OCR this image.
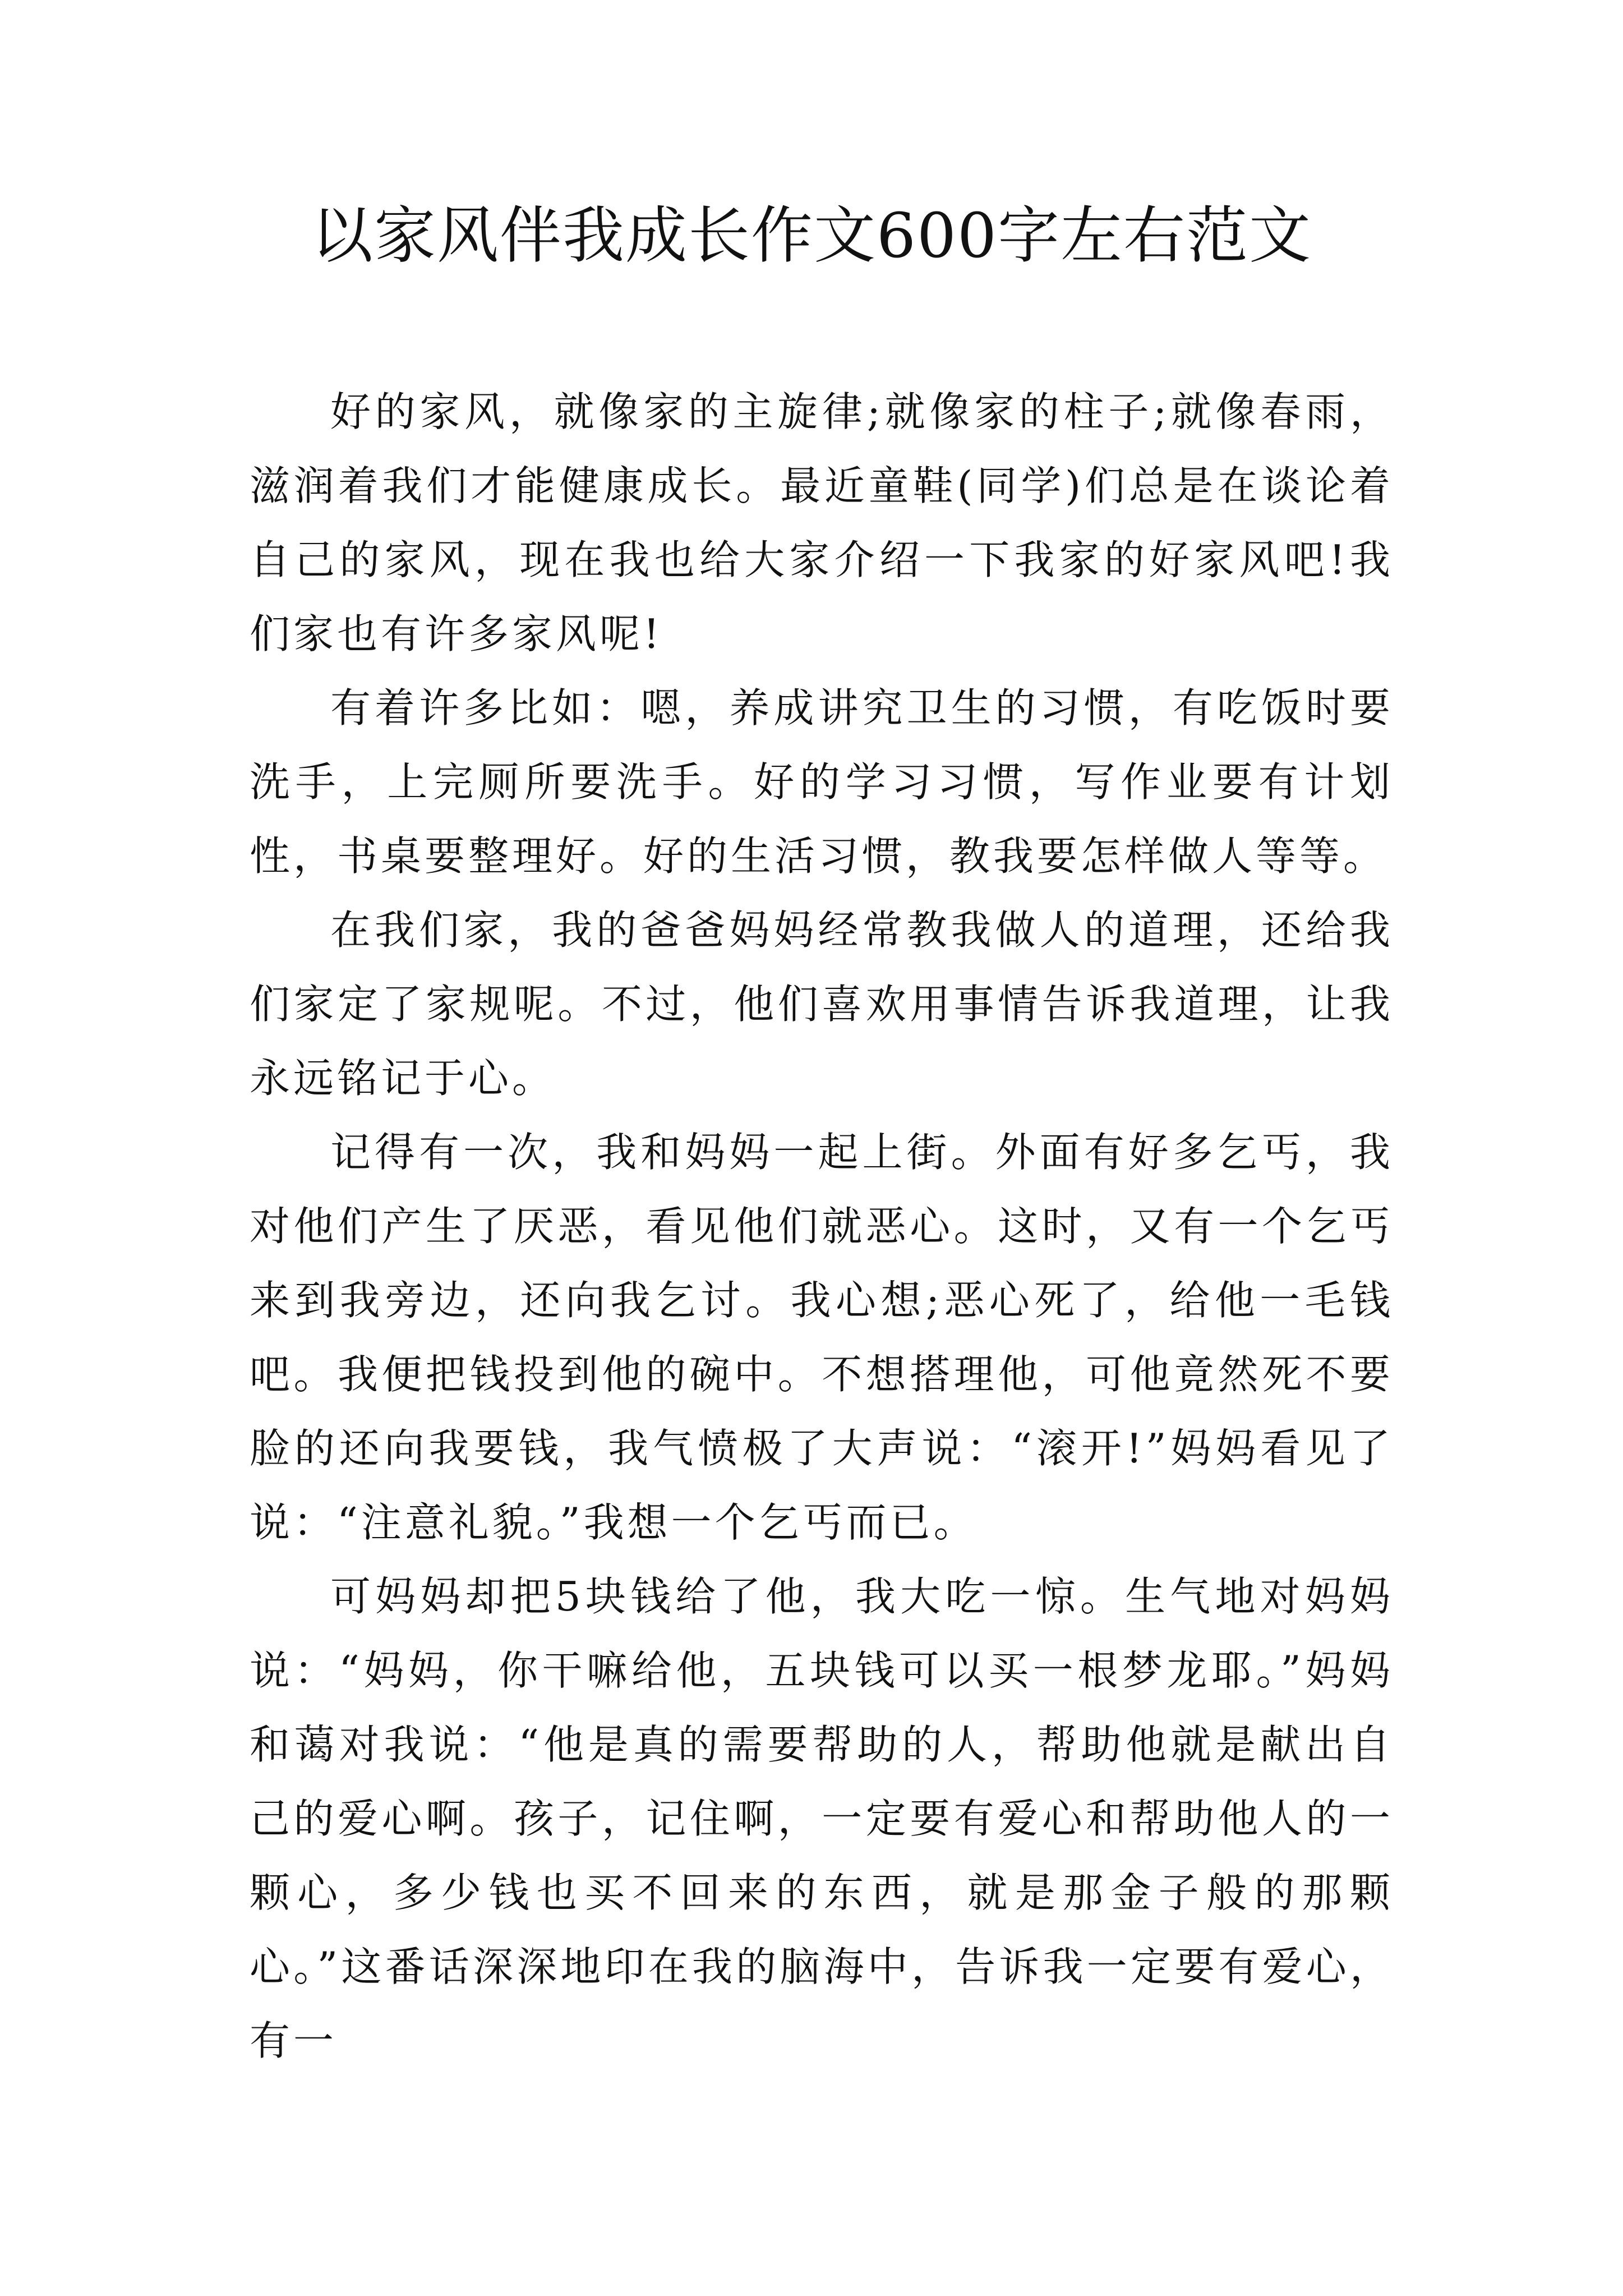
以家风伴我成长作文600字左右范文

好的家风，就像家的主旋律;就像家的柱子;就像春雨，滋润着我们才能健康成长。最近童鞋(同学)们总是在谈论着自己的家风，现在我也给大家介绍一下我家的好家风吧!我们家也有许多家风呢!

有着许多比如：嗯，养成讲究卫生的习惯，有吃饭时要洗手，上完厕所要洗手。好的学习习惯，写作业要有计划性，书桌要整理好。好的生活习惯，教我要怎样做人等等。

在我们家，我的爸爸妈妈经常教我做人的道理，还给我们家定了家规呢。不过，他们喜欢用事情告诉我道理，让我永远铭记于心。

记得有一次，我和妈妈一起上街。外面有好多乞丐，我对他们产生了厌恶，看见他们就恶心。这时，又有一个乞丐来到我旁边，还向我乞讨。我心想;恶心死了，给他一毛钱吧。我便把钱投到他的碗中。不想搭理他，可他竟然死不要脸的还向我要钱，我气愤极了大声说：“滚开!”妈妈看见了说：“注意礼貌。”我想一个乞丐而已。

可妈妈却把5块钱给了他，我大吃一惊。生气地对妈妈说：“妈妈，你干嘛给他，五块钱可以买一根梦龙耶。”妈妈和蔼对我说：“他是真的需要帮助的人，帮助他就是献出自己的爱心啊。孩子，记住啊，一定要有爱心和帮助他人的一颗心，多少钱也买不回来的东西，就是那金子般的那颗心。”这番话深深地印在我的脑海中，告诉我一定要有爱心，有一
